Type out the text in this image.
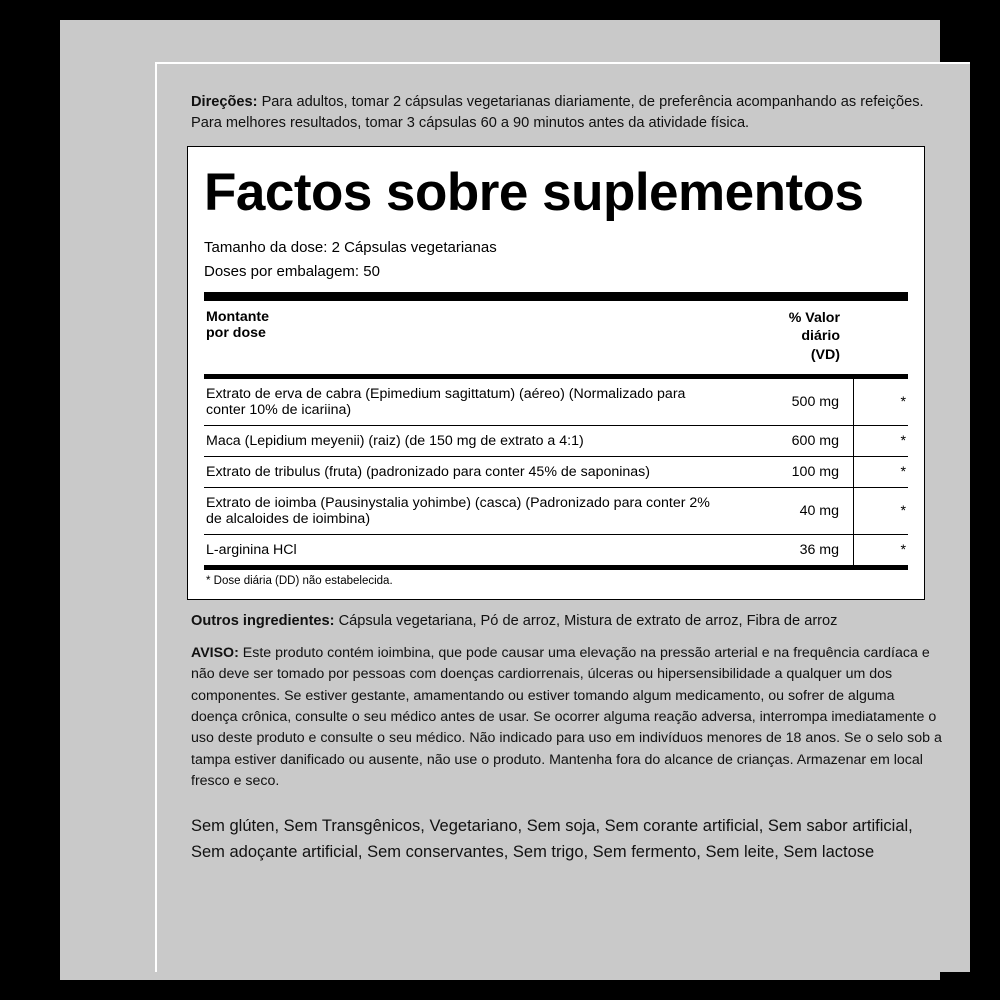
Direções: Para adultos, tomar 2 cápsulas vegetarianas diariamente, de preferência acompanhando as refeições. Para melhores resultados, tomar 3 cápsulas 60 a 90 minutos antes da atividade física.

Factos sobre suplementos
Tamanho da dose: 2 Cápsulas vegetarianas
Doses por embalagem: 50
Montante
por dose

% Valor
diário
(VD)

Extrato de erva de cabra (Epimedium sagittatum) (aéreo) (Normalizado para conter 10% de icariina)	500 mg	*
Maca (Lepidium meyenii) (raiz) (de 150 mg de extrato a 4:1)	600 mg	*
Extrato de tribulus (fruta) (padronizado para conter 45% de saponinas)	100 mg	*
Extrato de ioimba (Pausinystalia yohimbe) (casca) (Padronizado para conter 2% de alcaloides de ioimbina)	40 mg	*
L-arginina HCl	36 mg	*
* Dose diária (DD) não estabelecida.

Outros ingredientes: Cápsula vegetariana, Pó de arroz, Mistura de extrato de arroz, Fibra de arroz

AVISO: Este produto contém ioimbina, que pode causar uma elevação na pressão arterial e na frequência cardíaca e não deve ser tomado por pessoas com doenças cardiorrenais, úlceras ou hipersensibilidade a qualquer um dos componentes. Se estiver gestante, amamentando ou estiver tomando algum medicamento, ou sofrer de alguma doença crônica, consulte o seu médico antes de usar. Se ocorrer alguma reação adversa, interrompa imediatamente o uso deste produto e consulte o seu médico. Não indicado para uso em indivíduos menores de 18 anos. Se o selo sob a tampa estiver danificado ou ausente, não use o produto. Mantenha fora do alcance de crianças. Armazenar em local fresco e seco.

Sem glúten, Sem Transgênicos, Vegetariano, Sem soja, Sem corante artificial, Sem sabor artificial,
Sem adoçante artificial, Sem conservantes, Sem trigo, Sem fermento, Sem leite, Sem lactose
